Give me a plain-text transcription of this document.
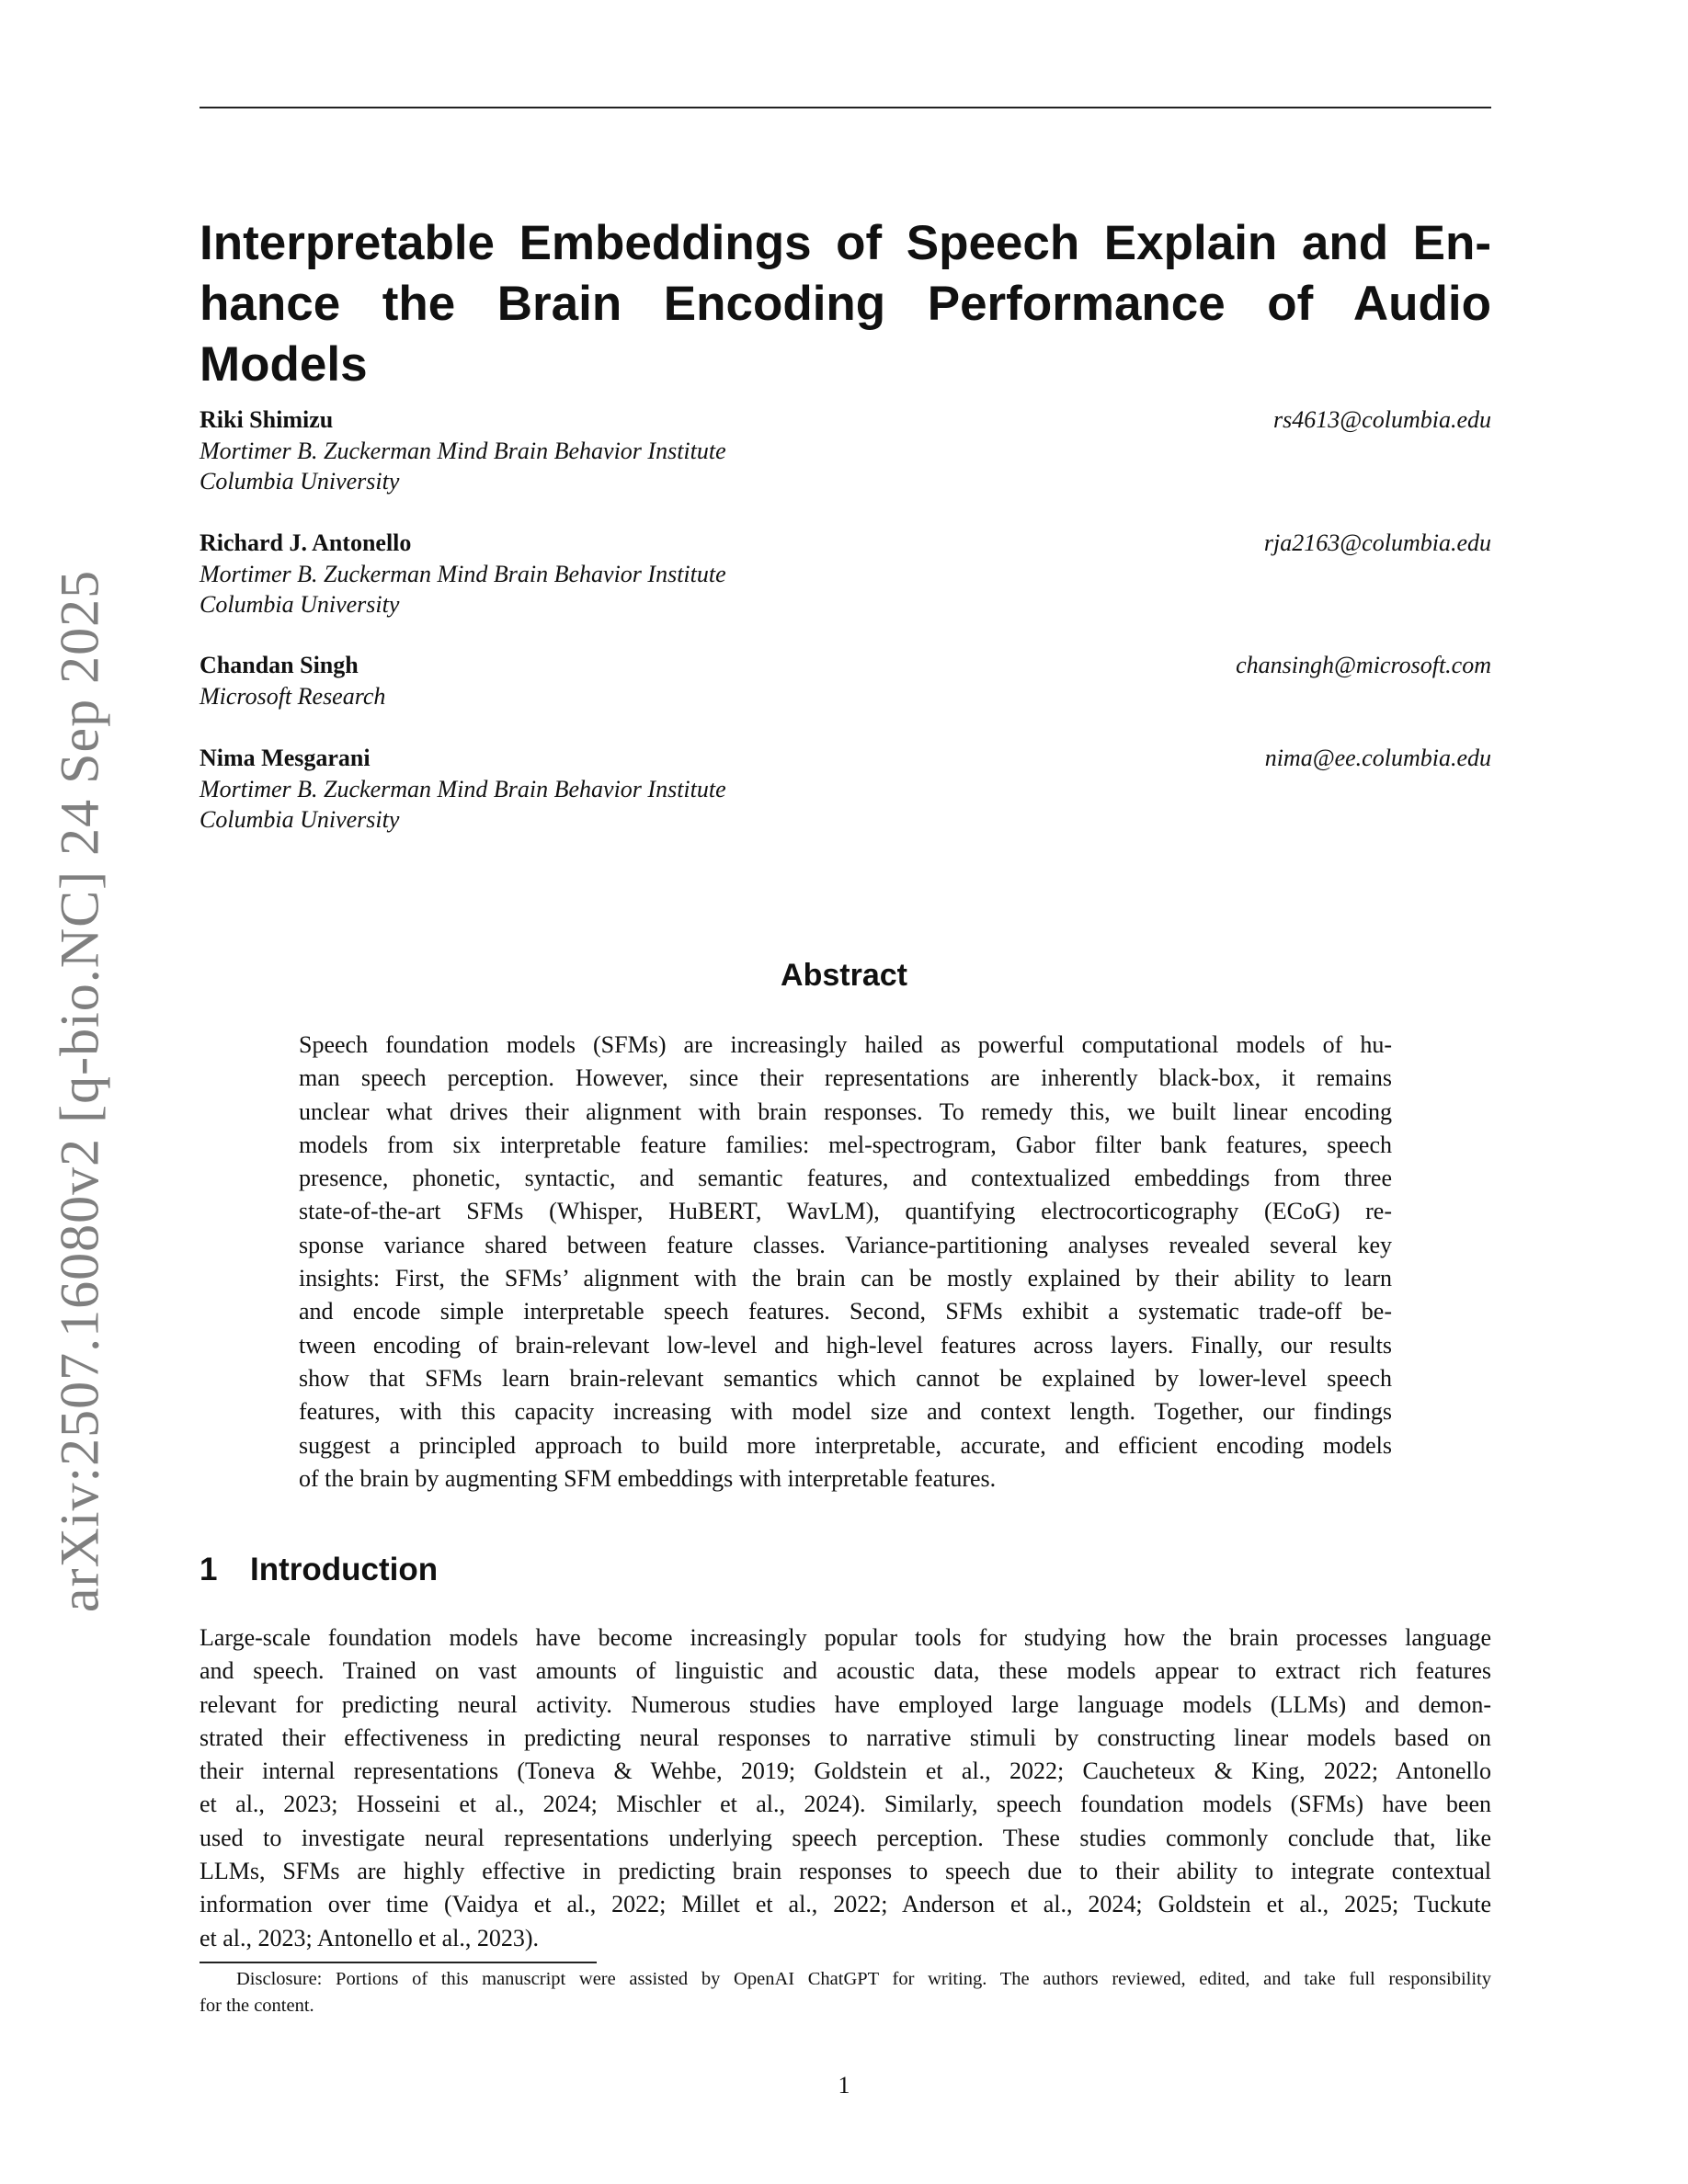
arXiv:2507.16080v2 [q-bio.NC] 24 Sep 2025
Interpretable Embeddings of Speech Explain and En-
hance the Brain Encoding Performance of Audio Models
Riki Shimizu
Mortimer B. Zuckerman Mind Brain Behavior Institute
Columbia University
rs4613@columbia.edu
Richard J. Antonello
Mortimer B. Zuckerman Mind Brain Behavior Institute
Columbia University
rja2163@columbia.edu
Chandan Singh
Microsoft Research
chansingh@microsoft.com
Nima Mesgarani
Mortimer B. Zuckerman Mind Brain Behavior Institute
Columbia University
nima@ee.columbia.edu
Abstract
Speech foundation models (SFMs) are increasingly hailed as powerful computational models of hu-
man speech perception. However, since their representations are inherently black-box, it remains
unclear what drives their alignment with brain responses. To remedy this, we built linear encoding
models from six interpretable feature families: mel-spectrogram, Gabor filter bank features, speech
presence, phonetic, syntactic, and semantic features, and contextualized embeddings from three
state-of-the-art SFMs (Whisper, HuBERT, WavLM), quantifying electrocorticography (ECoG) re-
sponse variance shared between feature classes. Variance-partitioning analyses revealed several key
insights: First, the SFMs’ alignment with the brain can be mostly explained by their ability to learn
and encode simple interpretable speech features. Second, SFMs exhibit a systematic trade-off be-
tween encoding of brain-relevant low-level and high-level features across layers. Finally, our results
show that SFMs learn brain-relevant semantics which cannot be explained by lower-level speech
features, with this capacity increasing with model size and context length. Together, our findings
suggest a principled approach to build more interpretable, accurate, and efficient encoding models
of the brain by augmenting SFM embeddings with interpretable features.
1 Introduction
Large-scale foundation models have become increasingly popular tools for studying how the brain processes language
and speech. Trained on vast amounts of linguistic and acoustic data, these models appear to extract rich features
relevant for predicting neural activity. Numerous studies have employed large language models (LLMs) and demon-
strated their effectiveness in predicting neural responses to narrative stimuli by constructing linear models based on
their internal representations (Toneva & Wehbe, 2019; Goldstein et al., 2022; Caucheteux & King, 2022; Antonello
et al., 2023; Hosseini et al., 2024; Mischler et al., 2024). Similarly, speech foundation models (SFMs) have been
used to investigate neural representations underlying speech perception. These studies commonly conclude that, like
LLMs, SFMs are highly effective in predicting brain responses to speech due to their ability to integrate contextual
information over time (Vaidya et al., 2022; Millet et al., 2022; Anderson et al., 2024; Goldstein et al., 2025; Tuckute
et al., 2023; Antonello et al., 2023).
Disclosure: Portions of this manuscript were assisted by OpenAI ChatGPT for writing. The authors reviewed, edited, and take full responsibility
for the content.
1
